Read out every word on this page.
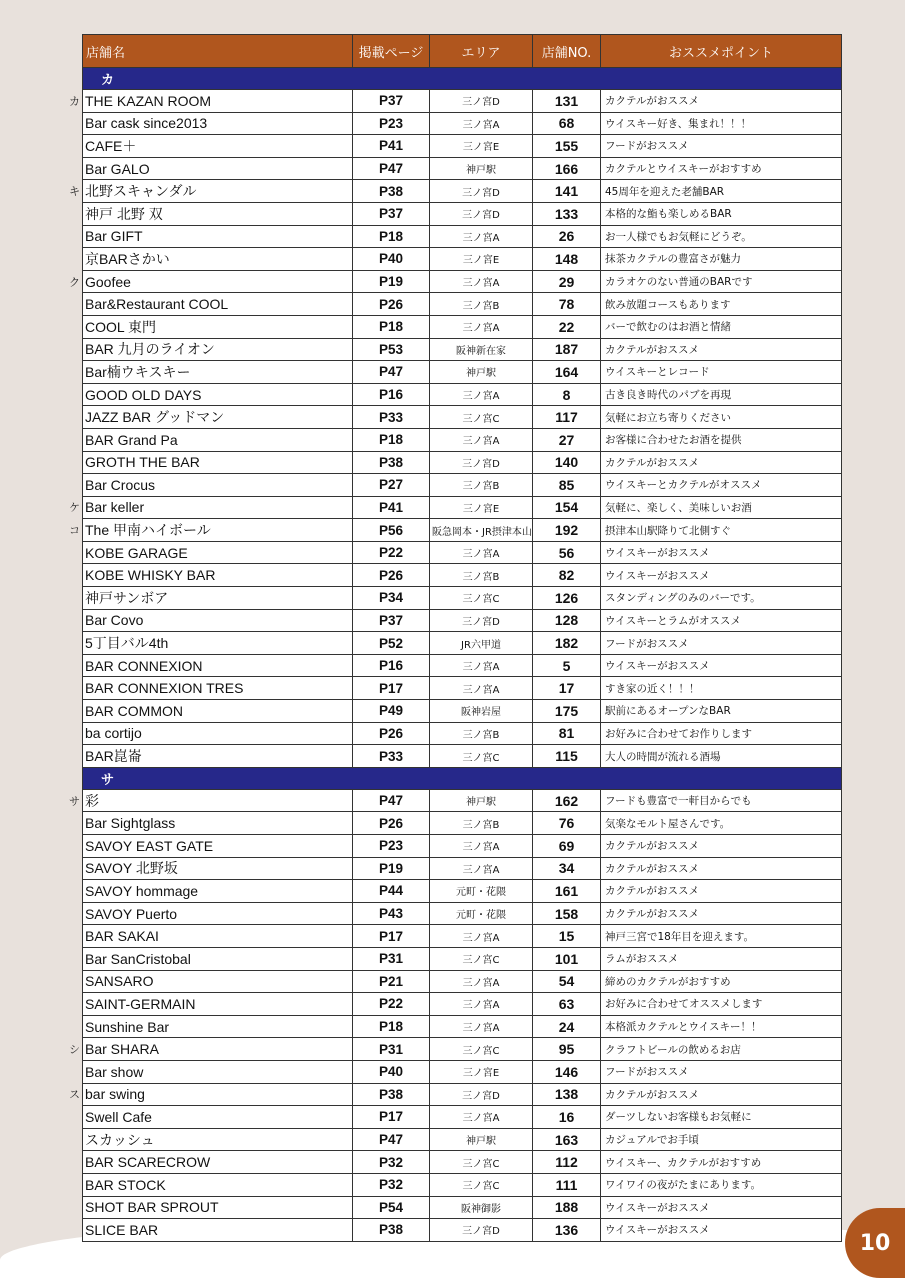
店舗名	掲載ページ	エリア	店舗NO.	おススメポイント
カ				

カ THE KAZAN ROOM	P37	三ノ宮D	131	カクテルがおススメ
Bar cask since2013	P23	三ノ宮A	68	ウイスキー好き、集まれ！！！
CAFE＋	P41	三ノ宮E	155	フードがおススメ
Bar GALO	P47	神戸駅	166	カクテルとウイスキーがおすすめ

キ 北野スキャンダル	P38	三ノ宮D	141	45周年を迎えた老舗BAR
神戸 北野 双	P37	三ノ宮D	133	本格的な鮨も楽しめるBAR
Bar GIFT	P18	三ノ宮A	26	お一人様でもお気軽にどうぞ。
京BARさかい	P40	三ノ宮E	148	抹茶カクテルの豊富さが魅力

ク Goofee	P19	三ノ宮A	29	カラオケのない普通のBARです
Bar&Restaurant COOL	P26	三ノ宮B	78	飲み放題コースもあります
COOL 東門	P18	三ノ宮A	22	バーで飲むのはお酒と情緒
BAR 九月のライオン	P53	阪神新在家	187	カクテルがおススメ
Bar楠ウキスキー	P47	神戸駅	164	ウイスキーとレコード
GOOD OLD DAYS	P16	三ノ宮A	8	古き良き時代のパブを再現
JAZZ BAR グッドマン	P33	三ノ宮C	117	気軽にお立ち寄りください
BAR Grand Pa	P18	三ノ宮A	27	お客様に合わせたお酒を提供
GROTH THE BAR	P38	三ノ宮D	140	カクテルがおススメ
Bar Crocus	P27	三ノ宮B	85	ウイスキーとカクテルがオススメ

ケ Bar keller	P41	三ノ宮E	154	気軽に、楽しく、美味しいお酒

コ The 甲南ハイボール	P56	阪急岡本・JR摂津本山	192	摂津本山駅降りて北側すぐ
KOBE GARAGE	P22	三ノ宮A	56	ウイスキーがおススメ
KOBE WHISKY BAR	P26	三ノ宮B	82	ウイスキーがおススメ
神戸サンボア	P34	三ノ宮C	126	スタンディングのみのバーです。
Bar Covo	P37	三ノ宮D	128	ウイスキーとラムがオススメ
5丁目バル4th	P52	JR六甲道	182	フードがおススメ
BAR CONNEXION	P16	三ノ宮A	5	ウイスキーがおススメ
BAR CONNEXION TRES	P17	三ノ宮A	17	すき家の近く！！！
BAR COMMON	P49	阪神岩屋	175	駅前にあるオープンなBAR
ba cortijo	P26	三ノ宮B	81	お好みに合わせてお作りします
BAR崑崙	P33	三ノ宮C	115	大人の時間が流れる酒場
サ				

サ 彩	P47	神戸駅	162	フードも豊富で一軒目からでも
Bar Sightglass	P26	三ノ宮B	76	気楽なモルト屋さんです。
SAVOY EAST GATE	P23	三ノ宮A	69	カクテルがおススメ
SAVOY 北野坂	P19	三ノ宮A	34	カクテルがおススメ
SAVOY hommage	P44	元町・花隈	161	カクテルがおススメ
SAVOY Puerto	P43	元町・花隈	158	カクテルがおススメ
BAR SAKAI	P17	三ノ宮A	15	神戸三宮で18年目を迎えます。
Bar SanCristobal	P31	三ノ宮C	101	ラムがおススメ
SANSARO	P21	三ノ宮A	54	締めのカクテルがおすすめ
SAINT-GERMAIN	P22	三ノ宮A	63	お好みに合わせてオススメします
Sunshine Bar	P18	三ノ宮A	24	本格派カクテルとウイスキー！！

シ Bar SHARA	P31	三ノ宮C	95	クラフトビールの飲めるお店
Bar show	P40	三ノ宮E	146	フードがおススメ

ス bar swing	P38	三ノ宮D	138	カクテルがおススメ
Swell Cafe	P17	三ノ宮A	16	ダーツしないお客様もお気軽に
スカッシュ	P47	神戸駅	163	カジュアルでお手頃
BAR SCARECROW	P32	三ノ宮C	112	ウイスキー、カクテルがおすすめ
BAR STOCK	P32	三ノ宮C	111	ワイワイの夜がたまにあります。
SHOT BAR SPROUT	P54	阪神御影	188	ウイスキーがおススメ
SLICE BAR	P38	三ノ宮D	136	ウイスキーがおススメ
10
